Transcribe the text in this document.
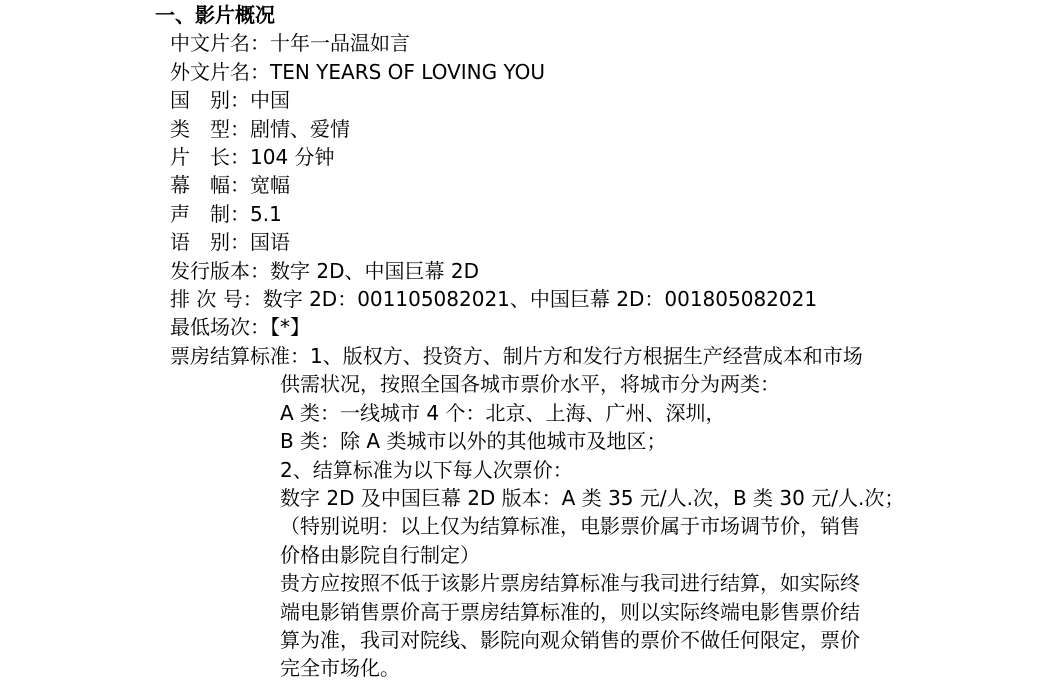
一、影片概况
中文片名：十年一品温如言
外文片名：TEN YEARS OF LOVING YOU
国　别：中国
类　型：剧情、爱情
片　长：104 分钟
幕　幅：宽幅
声　制：5.1
语　别：国语
发行版本：数字 2D、中国巨幕 2D
排 次 号：数字 2D：001105082021、中国巨幕 2D：001805082021
最低场次：【*】
票房结算标准：1、版权方、投资方、制片方和发行方根据生产经营成本和市场
供需状况，按照全国各城市票价水平，将城市分为两类：
A 类：一线城市 4 个：北京、上海、广州、深圳，
B 类：除 A 类城市以外的其他城市及地区；
2、结算标准为以下每人次票价：
数字 2D 及中国巨幕 2D 版本：A 类 35 元/人.次，B 类 30 元/人.次；
（特别说明：以上仅为结算标准，电影票价属于市场调节价，销售
价格由影院自行制定）
贵方应按照不低于该影片票房结算标准与我司进行结算，如实际终
端电影销售票价高于票房结算标准的，则以实际终端电影售票价结
算为准，我司对院线、影院向观众销售的票价不做任何限定，票价
完全市场化。
